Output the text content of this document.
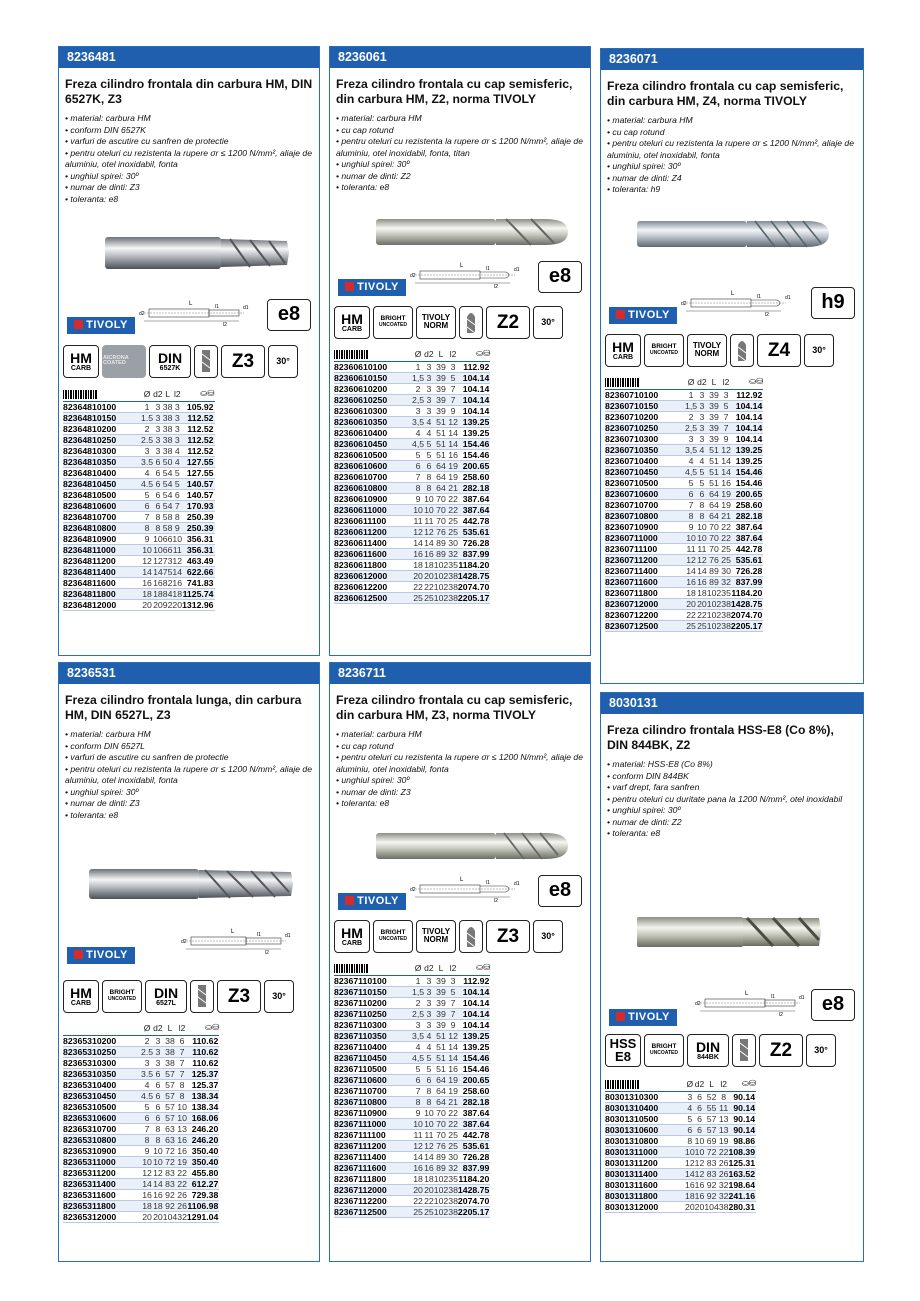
8236481
Freza cilindro frontala din carbura HM, DIN 6527K, Z3
• material: carbura HM
• conform DIN 6527K
• varfuri de ascutire cu sanfren de protectie
• pentru oteluri cu rezistenta la rupere σr ≤ 1200 N/mm², aliaje de aluminiu, otel inoxidabil, fonta
• unghiul spirei: 30º
• numar de dinti: Z3
• toleranta: e8
TIVOLY
L	l1
l2
d2
d1	e8
HM
CARB
AICRONA COATED	DIN
6527K	Z3	30°
	Ø	d2	L	l2	⛀⛁
82364810100	1	3	38	3	105.92
82364810150	1.5	3	38	3	112.52
82364810200	2	3	38	3	112.52
82364810250	2.5	3	38	3	112.52
82364810300	3	3	38	4	112.52
82364810350	3.5	6	50	4	127.55
82364810400	4	6	54	5	127.55
82364810450	4.5	6	54	5	140.57
82364810500	5	6	54	6	140.57
82364810600	6	6	54	7	170.93
82364810700	7	8	58	8	250.39
82364810800	8	8	58	9	250.39
82364810900	9	10	66	10	356.31
82364811000	10	10	66	11	356.31
82364811200	12	12	73	12	463.49
82364811400	14	14	75	14	622.66
82364811600	16	16	82	16	741.83
82364811800	18	18	84	18	1125.74
82364812000	20	20	92	20	1312.96
8236061
Freza cilindro frontala cu cap semisferic, din carbura HM, Z2, norma TIVOLY
• material: carbura HM
• cu cap rotund
• pentru oteluri cu rezistenta la rupere σr ≤ 1200 N/mm², aliaje de aluminiu, otel inoxidabil, fonta, titan
• unghiul spirei: 30º
• numar de dinti: Z2
• toleranta: e8
TIVOLY
L	l1
l2
d2
d1	e8
HM
CARB
BRIGHT
UNCOATED
TIVOLY
NORM	Z2	30°
	Ø	d2	L	l2	⛀⛁
82360610100	1	3	39	3	112.92
82360610150	1,5	3	39	5	104.14
82360610200	2	3	39	7	104.14
82360610250	2,5	3	39	7	104.14
82360610300	3	3	39	9	104.14
82360610350	3,5	4	51	12	139.25
82360610400	4	4	51	14	139.25
82360610450	4,5	5	51	14	154.46
82360610500	5	5	51	16	154.46
82360610600	6	6	64	19	200.65
82360610700	7	8	64	19	258.60
82360610800	8	8	64	21	282.18
82360610900	9	10	70	22	387.64
82360611000	10	10	70	22	387.64
82360611100	11	11	70	25	442.78
82360611200	12	12	76	25	535.61
82360611400	14	14	89	30	726.28
82360611600	16	16	89	32	837.99
82360611800	18	18	102	35	1184.20
82360612000	20	20	102	38	1428.75
82360612200	22	22	102	38	2074.70
82360612500	25	25	102	38	2205.17
8236071
Freza cilindro frontala cu cap semisferic, din carbura HM, Z4, norma TIVOLY
• material: carbura HM
• cu cap rotund
• pentru oteluri cu rezistenta la rupere σr ≤ 1200 N/mm², aliaje de aluminiu, otel inoxidabil, fonta
• unghiul spirei: 30º
• numar de dinti: Z4
• toleranta: h9
TIVOLY
L	l1
l2
d2
d1	h9
HM
CARB
BRIGHT
UNCOATED
TIVOLY
NORM	Z4	30°
	Ø	d2	L	l2	⛀⛁
82360710100	1	3	39	3	112.92
82360710150	1,5	3	39	5	104.14
82360710200	2	3	39	7	104.14
82360710250	2,5	3	39	7	104.14
82360710300	3	3	39	9	104.14
82360710350	3,5	4	51	12	139.25
82360710400	4	4	51	14	139.25
82360710450	4,5	5	51	14	154.46
82360710500	5	5	51	16	154.46
82360710600	6	6	64	19	200.65
82360710700	7	8	64	19	258.60
82360710800	8	8	64	21	282.18
82360710900	9	10	70	22	387.64
82360711000	10	10	70	22	387.64
82360711100	11	11	70	25	442.78
82360711200	12	12	76	25	535.61
82360711400	14	14	89	30	726.28
82360711600	16	16	89	32	837.99
82360711800	18	18	102	35	1184.20
82360712000	20	20	102	38	1428.75
82360712200	22	22	102	38	2074.70
82360712500	25	25	102	38	2205.17
8236531
Freza cilindro frontala lunga, din carbura HM, DIN 6527L, Z3
• material: carbura HM
• conform DIN 6527L
• varfuri de ascutire cu sanfren de protectie
• pentru oteluri cu rezistenta la rupere σr ≤ 1200 N/mm², aliaje de aluminiu, otel inoxidabil, fonta
• unghiul spirei: 30º
• numar de dinti: Z3
• toleranta: e8
TIVOLY
L	l1
l2
d2
d1
HM
CARB
BRIGHT
UNCOATED DIN
6527L	Z3	30°
	Ø	d2	L	l2	⛀⛁
82365310200	2	3	38	6	110.62
82365310250	2.5	3	38	7	110.62
82365310300	3	3	38	7	110.62
82365310350	3.5	6	57	7	125.37
82365310400	4	6	57	8	125.37
82365310450	4.5	6	57	8	138.34
82365310500	5	6	57	10	138.34
82365310600	6	6	57	10	168.06
82365310700	7	8	63	13	246.20
82365310800	8	8	63	16	246.20
82365310900	9	10	72	16	350.40
82365311000	10	10	72	19	350.40
82365311200	12	12	83	22	455.80
82365311400	14	14	83	22	612.27
82365311600	16	16	92	26	729.38
82365311800	18	18	92	26	1106.98
82365312000	20	20	104	32	1291.04
8236711
Freza cilindro frontala cu cap semisferic, din carbura HM, Z3, norma TIVOLY
• material: carbura HM
• cu cap rotund
• pentru oteluri cu rezistenta la rupere σr ≤ 1200 N/mm², aliaje de aluminiu, otel inoxidabil, fonta
• unghiul spirei: 30º
• numar de dinti: Z3
• toleranta: e8
TIVOLY
L	l1
l2
d2
d1	e8
HM
CARB
BRIGHT
UNCOATED
TIVOLY
NORM	Z3	30°
	Ø	d2	L	l2	⛀⛁
82367110100	1	3	39	3	112.92
82367110150	1,5	3	39	5	104.14
82367110200	2	3	39	7	104.14
82367110250	2,5	3	39	7	104.14
82367110300	3	3	39	9	104.14
82367110350	3,5	4	51	12	139.25
82367110400	4	4	51	14	139.25
82367110450	4,5	5	51	14	154.46
82367110500	5	5	51	16	154.46
82367110600	6	6	64	19	200.65
82367110700	7	8	64	19	258.60
82367110800	8	8	64	21	282.18
82367110900	9	10	70	22	387.64
82367111000	10	10	70	22	387.64
82367111100	11	11	70	25	442.78
82367111200	12	12	76	25	535.61
82367111400	14	14	89	30	726.28
82367111600	16	16	89	32	837.99
82367111800	18	18	102	35	1184.20
82367112000	20	20	102	38	1428.75
82367112200	22	22	102	38	2074.70
82367112500	25	25	102	38	2205.17
8030131
Freza cilindro frontala HSS-E8 (Co 8%), DIN 844BK, Z2
• material: HSS-E8 (Co 8%)
• conform DIN 844BK
• varf drept, fara sanfren
• pentru oteluri cu duritate pana la 1200 N/mm², otel inoxidabil
• unghiul spirei: 30º
• numar de dinti: Z2
• toleranta: e8
TIVOLY
L	l1
l2
d2
d1 e8
HSS
E8
BRIGHT
UNCOATED DIN
844BK	Z2	30°
	Ø	d2	L	l2	⛀⛁
80301310300	3	6	52	8	90.14
80301310400	4	6	55	11	90.14
80301310500	5	6	57	13	90.14
80301310600	6	6	57	13	90.14
80301310800	8	10	69	19	98.86
80301311000	10	10	72	22	108.39
80301311200	12	12	83	26	125.31
80301311400	14	12	83	26	163.52
80301311600	16	16	92	32	198.64
80301311800	18	16	92	32	241.16
80301312000	20	20	104	38	280.31
